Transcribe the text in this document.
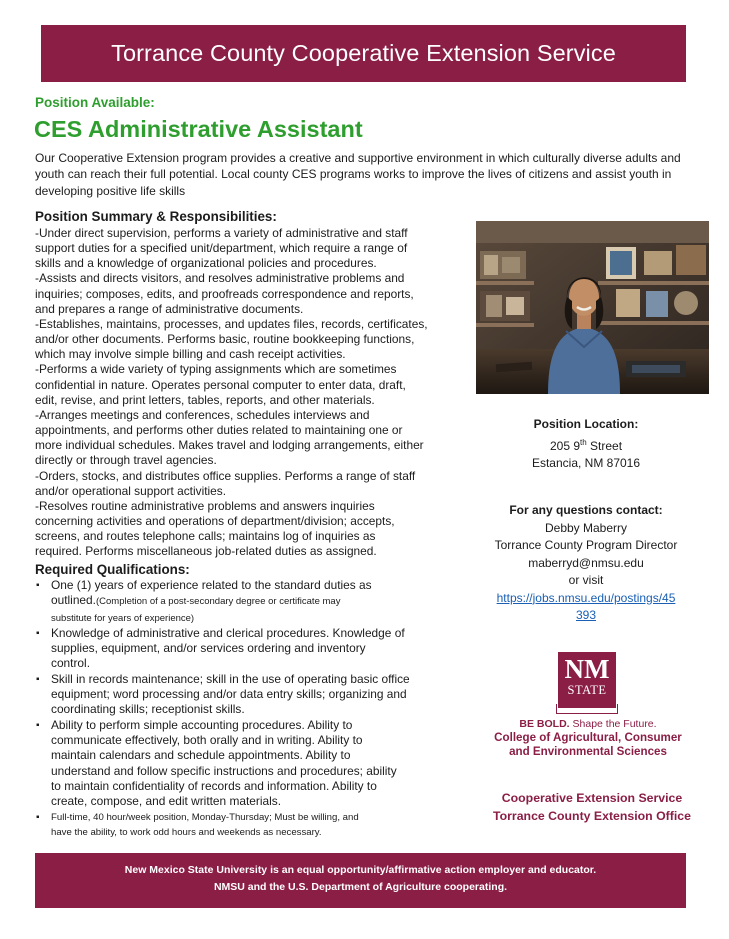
Torrance County Cooperative Extension Service
Position Available:
CES Administrative Assistant
Our Cooperative Extension program provides a creative and supportive environment in which culturally diverse adults and youth can reach their full potential. Local county CES programs works to improve the lives of citizens and assist youth in developing positive life skills
Position Summary & Responsibilities:

-Under direct supervision, performs a variety of administrative and staff

support duties for a specified unit/department, which require a range of

skills and a knowledge of organizational policies and procedures.

-Assists and directs visitors, and resolves administrative problems and

inquiries; composes, edits, and proofreads correspondence and reports,

and prepares a range of administrative documents.

-Establishes, maintains, processes, and updates files, records, certificates,

and/or other documents. Performs basic, routine bookkeeping functions,

which may involve simple billing and cash receipt activities.

-Performs a wide variety of typing assignments which are sometimes

confidential in nature. Operates personal computer to enter data, draft,

edit, revise, and print letters, tables, reports, and other materials.

-Arranges meetings and conferences, schedules interviews and

appointments, and performs other duties related to maintaining one or

more individual schedules. Makes travel and lodging arrangements, either

directly or through travel agencies.

-Orders, stocks, and distributes office supplies. Performs a range of staff

and/or operational support activities.

-Resolves routine administrative problems and answers inquiries

concerning activities and operations of department/division; accepts,

screens, and routes telephone calls; maintains log of inquiries as

required. Performs miscellaneous job-related duties as assigned.

Required Qualifications:
▪ One (1) years of experience related to the standard duties as
outlined.(Completion of a post-secondary degree or certificate may
substitute for years of experience)
▪ Knowledge of administrative and clerical procedures. Knowledge of
supplies, equipment, and/or services ordering and inventory
control.
▪ Skill in records maintenance; skill in the use of operating basic office
equipment; word processing and/or data entry skills; organizing and
coordinating skills; receptionist skills.
▪ Ability to perform simple accounting procedures. Ability to
communicate effectively, both orally and in writing. Ability to
maintain calendars and schedule appointments. Ability to
understand and follow specific instructions and procedures; ability
to maintain confidentiality of records and information. Ability to
create, compose, and edit written materials.
▪ Full-time, 40 hour/week position, Monday-Thursday; Must be willing, and
have the ability, to work odd hours and weekends as necessary.
Position Location:
205 9th Street
Estancia, NM 87016
For any questions contact:
Debby Maberry
Torrance County Program Director
maberryd@nmsu.edu
or visit
https://jobs.nmsu.edu/postings/45
393
NM
STATE
BE BOLD. Shape the Future.
College of Agricultural, Consumer
and Environmental Sciences
Cooperative Extension Service
Torrance County Extension Office
New Mexico State University is an equal opportunity/affirmative action employer and educator.
NMSU and the U.S. Department of Agriculture cooperating.
